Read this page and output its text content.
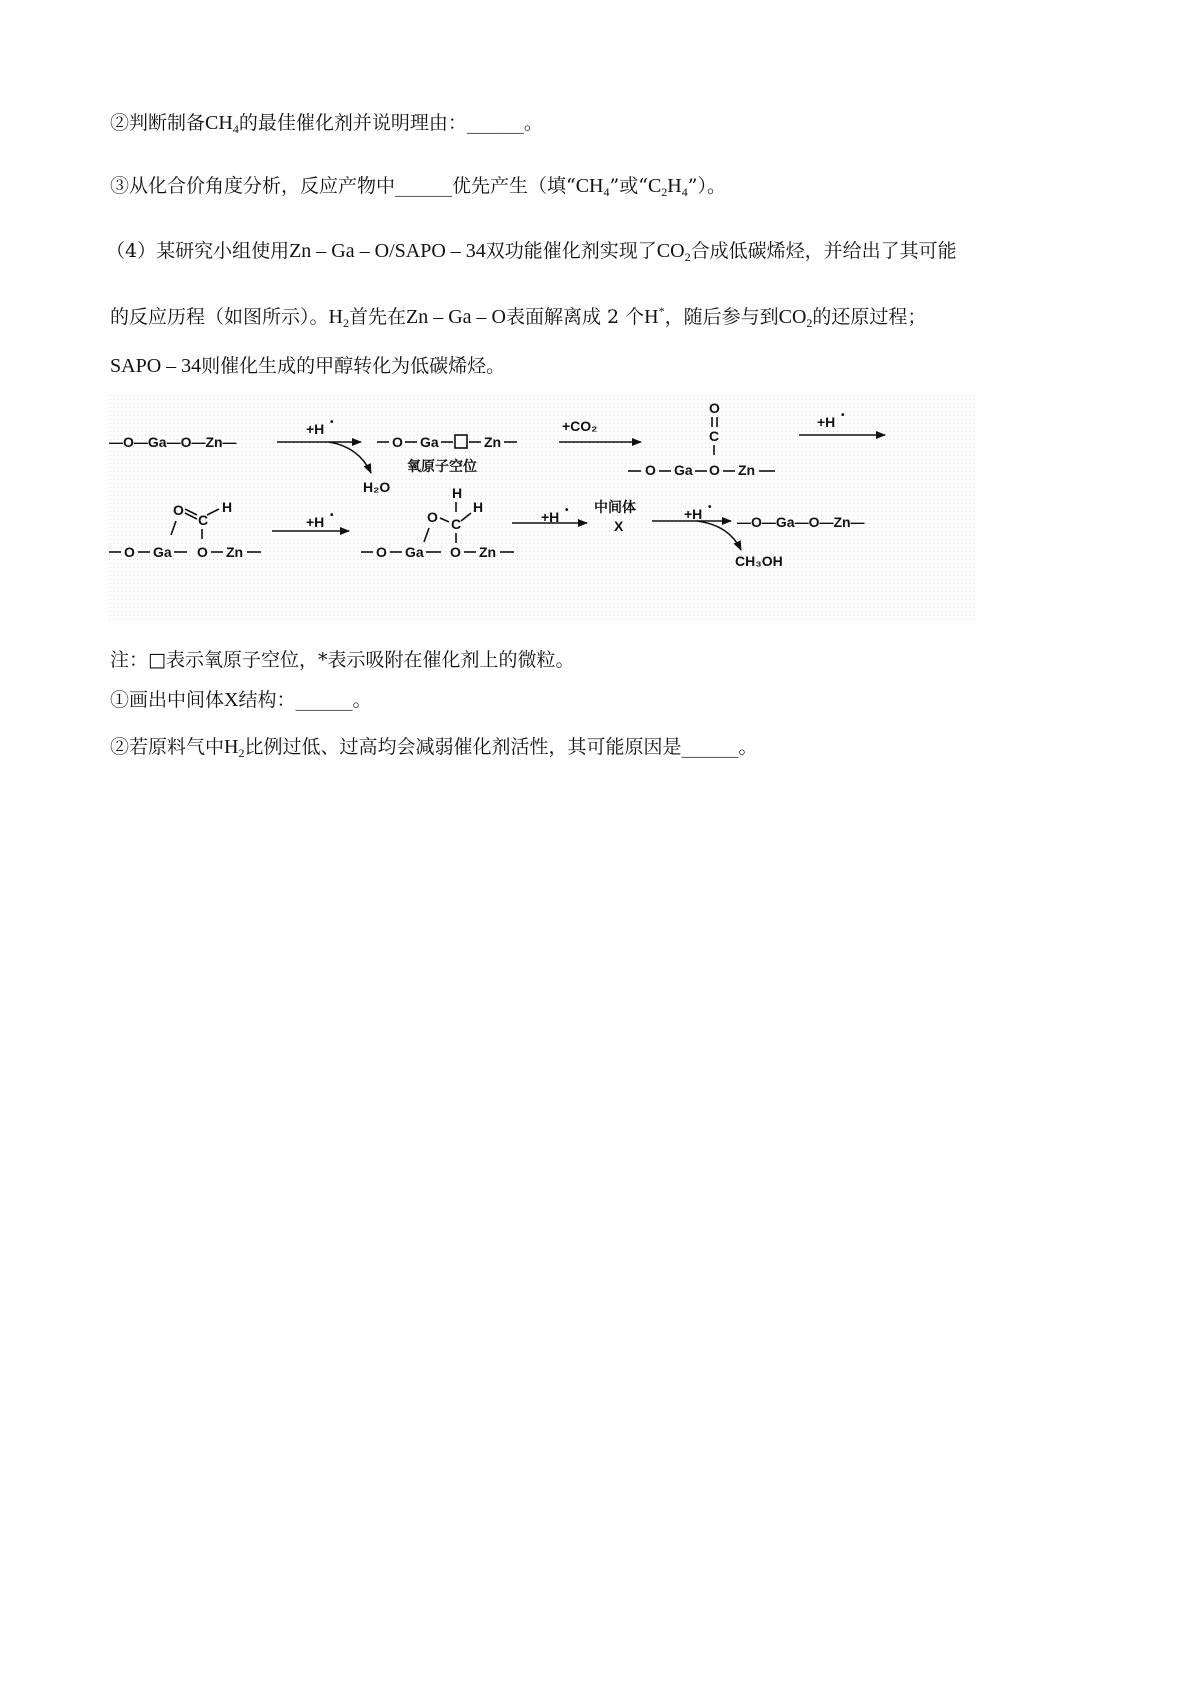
②判断制备$CH_4$的最佳催化剂并说明理由：______。
③从化合价角度分析，反应产物中______优先产生（填“$CH_4$”或“$C_2H_4$”）。
（4）某研究小组使用Zn – Ga – O/SAPO – 34双功能催化剂实现了$CO_2$合成低碳烯烃，并给出了其可能
的反应历程（如图所示）。$H_2$首先在Zn – Ga – O表面解离成 2 个H*，随后参与到$CO_2$的还原过程；
SAPO – 34则催化生成的甲醇转化为低碳烯烃。
—O—Ga—O—Zn—
+H •
H₂O
O Ga	Zn
氧原子空位
+CO₂
O
C
O
O Ga	Zn
+H •
O
C
H
O Ga O Zn
+H •
H
O C
H
O Ga O Zn
+H • 中间体
X
+H •
CH₃OH
—O—Ga—O—Zn—
注：□表示氧原子空位，*表示吸附在催化剂上的微粒。
①画出中间体X结构：______。
②若原料气中$H_2$比例过低、过高均会减弱催化剂活性，其可能原因是______。
